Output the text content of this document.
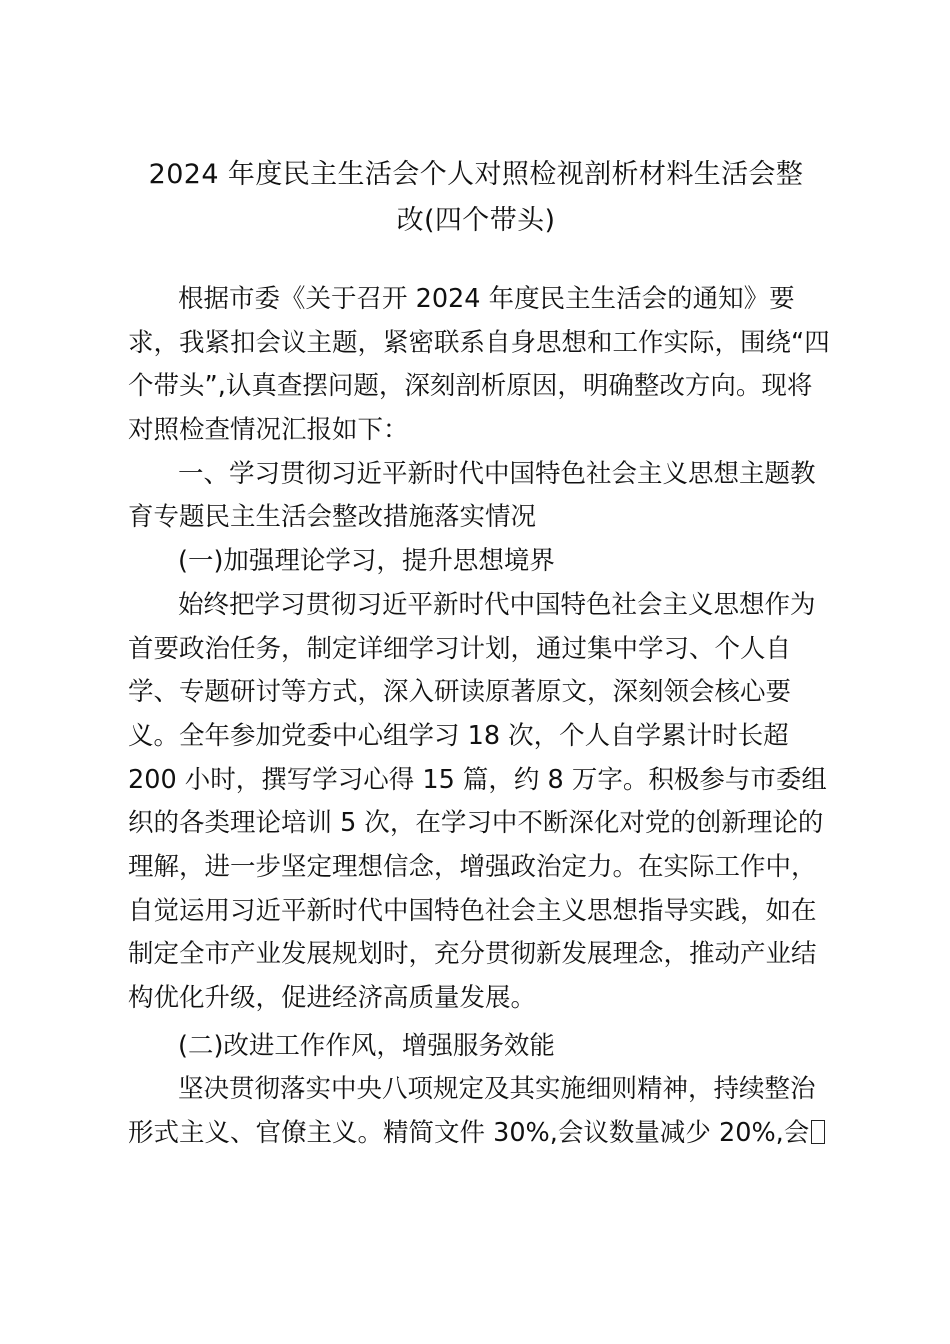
2024 年度民主生活会个人对照检视剖析材料生活会整
改(四个带头)
根据市委《关于召开 2024 年度民主生活会的通知》要
求，我紧扣会议主题，紧密联系自身思想和工作实际，围绕“四
个带头”,认真查摆问题，深刻剖析原因，明确整改方向。现将
对照检查情况汇报如下：
一、学习贯彻习近平新时代中国特色社会主义思想主题教
育专题民主生活会整改措施落实情况
(一)加强理论学习，提升思想境界
始终把学习贯彻习近平新时代中国特色社会主义思想作为
首要政治任务，制定详细学习计划，通过集中学习、个人自
学、专题研讨等方式，深入研读原著原文，深刻领会核心要
义。全年参加党委中心组学习 18 次，个人自学累计时长超
200 小时，撰写学习心得 15 篇，约 8 万字。积极参与市委组
织的各类理论培训 5 次，在学习中不断深化对党的创新理论的
理解，进一步坚定理想信念，增强政治定力。在实际工作中，
自觉运用习近平新时代中国特色社会主义思想指导实践，如在
制定全市产业发展规划时，充分贯彻新发展理念，推动产业结
构优化升级，促进经济高质量发展。
(二)改进工作作风，增强服务效能
坚决贯彻落实中央八项规定及其实施细则精神，持续整治
形式主义、官僚主义。精简文件 30%,会议数量减少 20%,会
